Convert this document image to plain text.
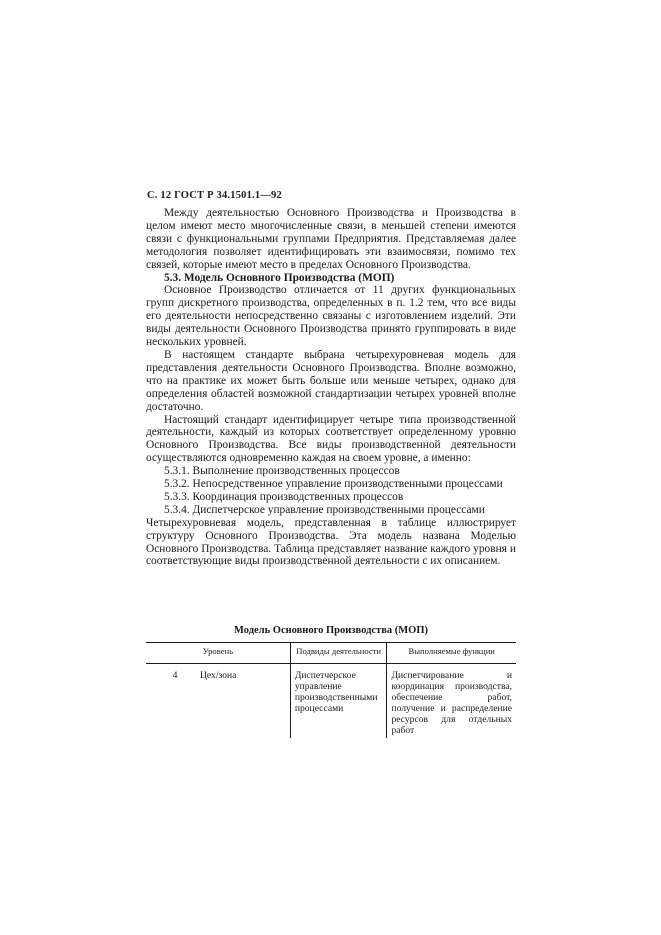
С. 12 ГОСТ Р 34.1501.1—92

Между деятельностью Основного Производства и Производства в целом имеют место многочисленные связи, в меньшей степени имеются связи с функциональными группами Предприятия. Представляемая далее методология позволяет идентифицировать эти взаимосвязи, помимо тех связей, которые имеют место в пределах Основного Производства.

5.3. Модель Основного Производства (МОП)

Основное Производство отличается от 11 других функциональных групп дискретного производства, определенных в п. 1.2 тем, что все виды его деятельности непосредственно связаны с изготовлением изделий. Эти виды деятельности Основного Производства принято группировать в виде нескольких уровней.

В настоящем стандарте выбрана четырехуровневая модель для представления деятельности Основного Производства. Вполне возможно, что на практике их может быть больше или меньше четырех, однако для определения областей возможной стандартизации четырех уровней вполне достаточно.

Настоящий стандарт идентифицирует четыре типа производственной деятельности, каждый из которых соответствует определенному уровню Основного Производства. Все виды производственной деятельности осуществляются одновременно каждая на своем уровне, а именно:

5.3.1. Выполнение производственных процессов

5.3.2. Непосредственное управление производственными процессами

5.3.3. Координация производственных процессов

5.3.4. Диспетчерское управление производственными процессами

Четырехуровневая модель, представленная в таблице иллюстрирует структуру Основного Производства. Эта модель названа Моделью Основного Производства. Таблица представляет название каждого уровня и соответствующие виды производственной деятельности с их описанием.

Модель Основного Производства (МОП)
Уровень	Подвиды деятельности	Выполняемые функции
4 Цех/зона	Диспетчерское управление производственными процессами	Диспетчирование и координация производства, обеспечение работ, получение и распределение ресурсов для отдельных работ
